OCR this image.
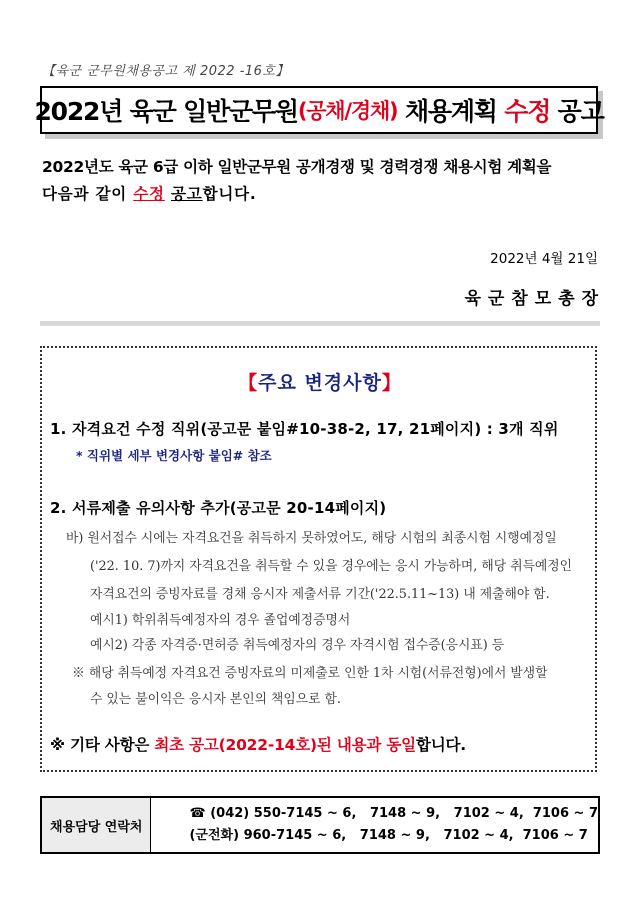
【육군 군무원채용공고 제 2022 -16호】
2022년 육군 일반군무원 (공채/경채) 채용계획 수정 공고
2022년도 육군 6급 이하 일반군무원 공개경쟁 및 경력경쟁 채용시험 계획을
다음과 같이 수정 공고합니다.
2022년 4월 21일
육군참모총장
【주요 변경사항】
1. 자격요건 수정 직위(공고문 붙임#10-38-2, 17, 21페이지) : 3개 직위
* 직위별 세부 변경사항 붙임# 참조
2. 서류제출 유의사항 추가(공고문 20-14페이지)
바) 원서접수 시에는 자격요건을 취득하지 못하였어도, 해당 시험의 최종시험 시행예정일
('22. 10. 7)까지 자격요건을 취득할 수 있을 경우에는 응시 가능하며, 해당 취득예정인
자격요건의 증빙자료를 경채 응시자 제출서류 기간('22.5.11~13) 내 제출해야 함.
예시1) 학위취득예정자의 경우 졸업예정증명서
예시2) 각종 자격증·면허증 취득예정자의 경우 자격시험 접수증(응시표) 등
※ 해당 취득예정 자격요건 증빙자료의 미제출로 인한 1차 시험(서류전형)에서 발생할
수 있는 불이익은 응시자 본인의 책임으로 함.
※ 기타 사항은 최초 공고(2022-14호)된 내용과 동일합니다.
채용담당 연락처
☎ (042) 550-7145 ~ 6,   7148 ~ 9,   7102 ~ 4,  7106 ~ 7
(군전화) 960-7145 ~ 6,   7148 ~ 9,   7102 ~ 4,  7106 ~ 7
